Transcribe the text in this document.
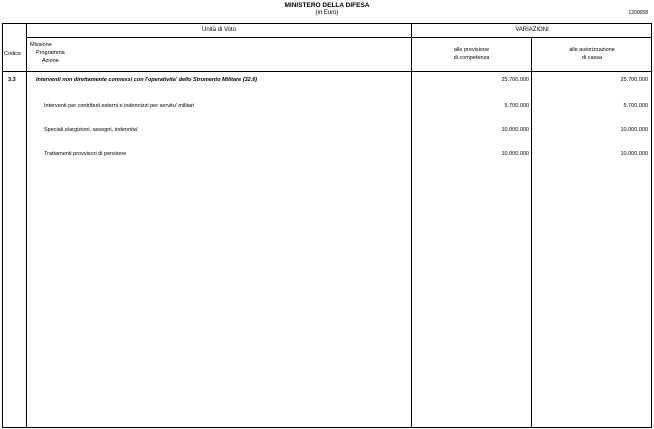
MINISTERO DELLA DIFESA
(in Euro)	1200058
Unità di Voto	VARIAZIONI
Codice
Missione
Programma
Azione
alle previsione
di competenza
alle autorizzazione
di cassa
3.3	Interventi non direttamente connessi con l'operativita' dello Strumento Militare (32.6)	25.700.000	25.700.000
Interventi per contributi esterni e indennizzi per servitu' militari	5.700.000	5.700.000
Speciali elargizioni, assegni, indennita'	10.000.000	10.000.000
Trattamenti provvisori di pensione	10.000.000	10.000.000
